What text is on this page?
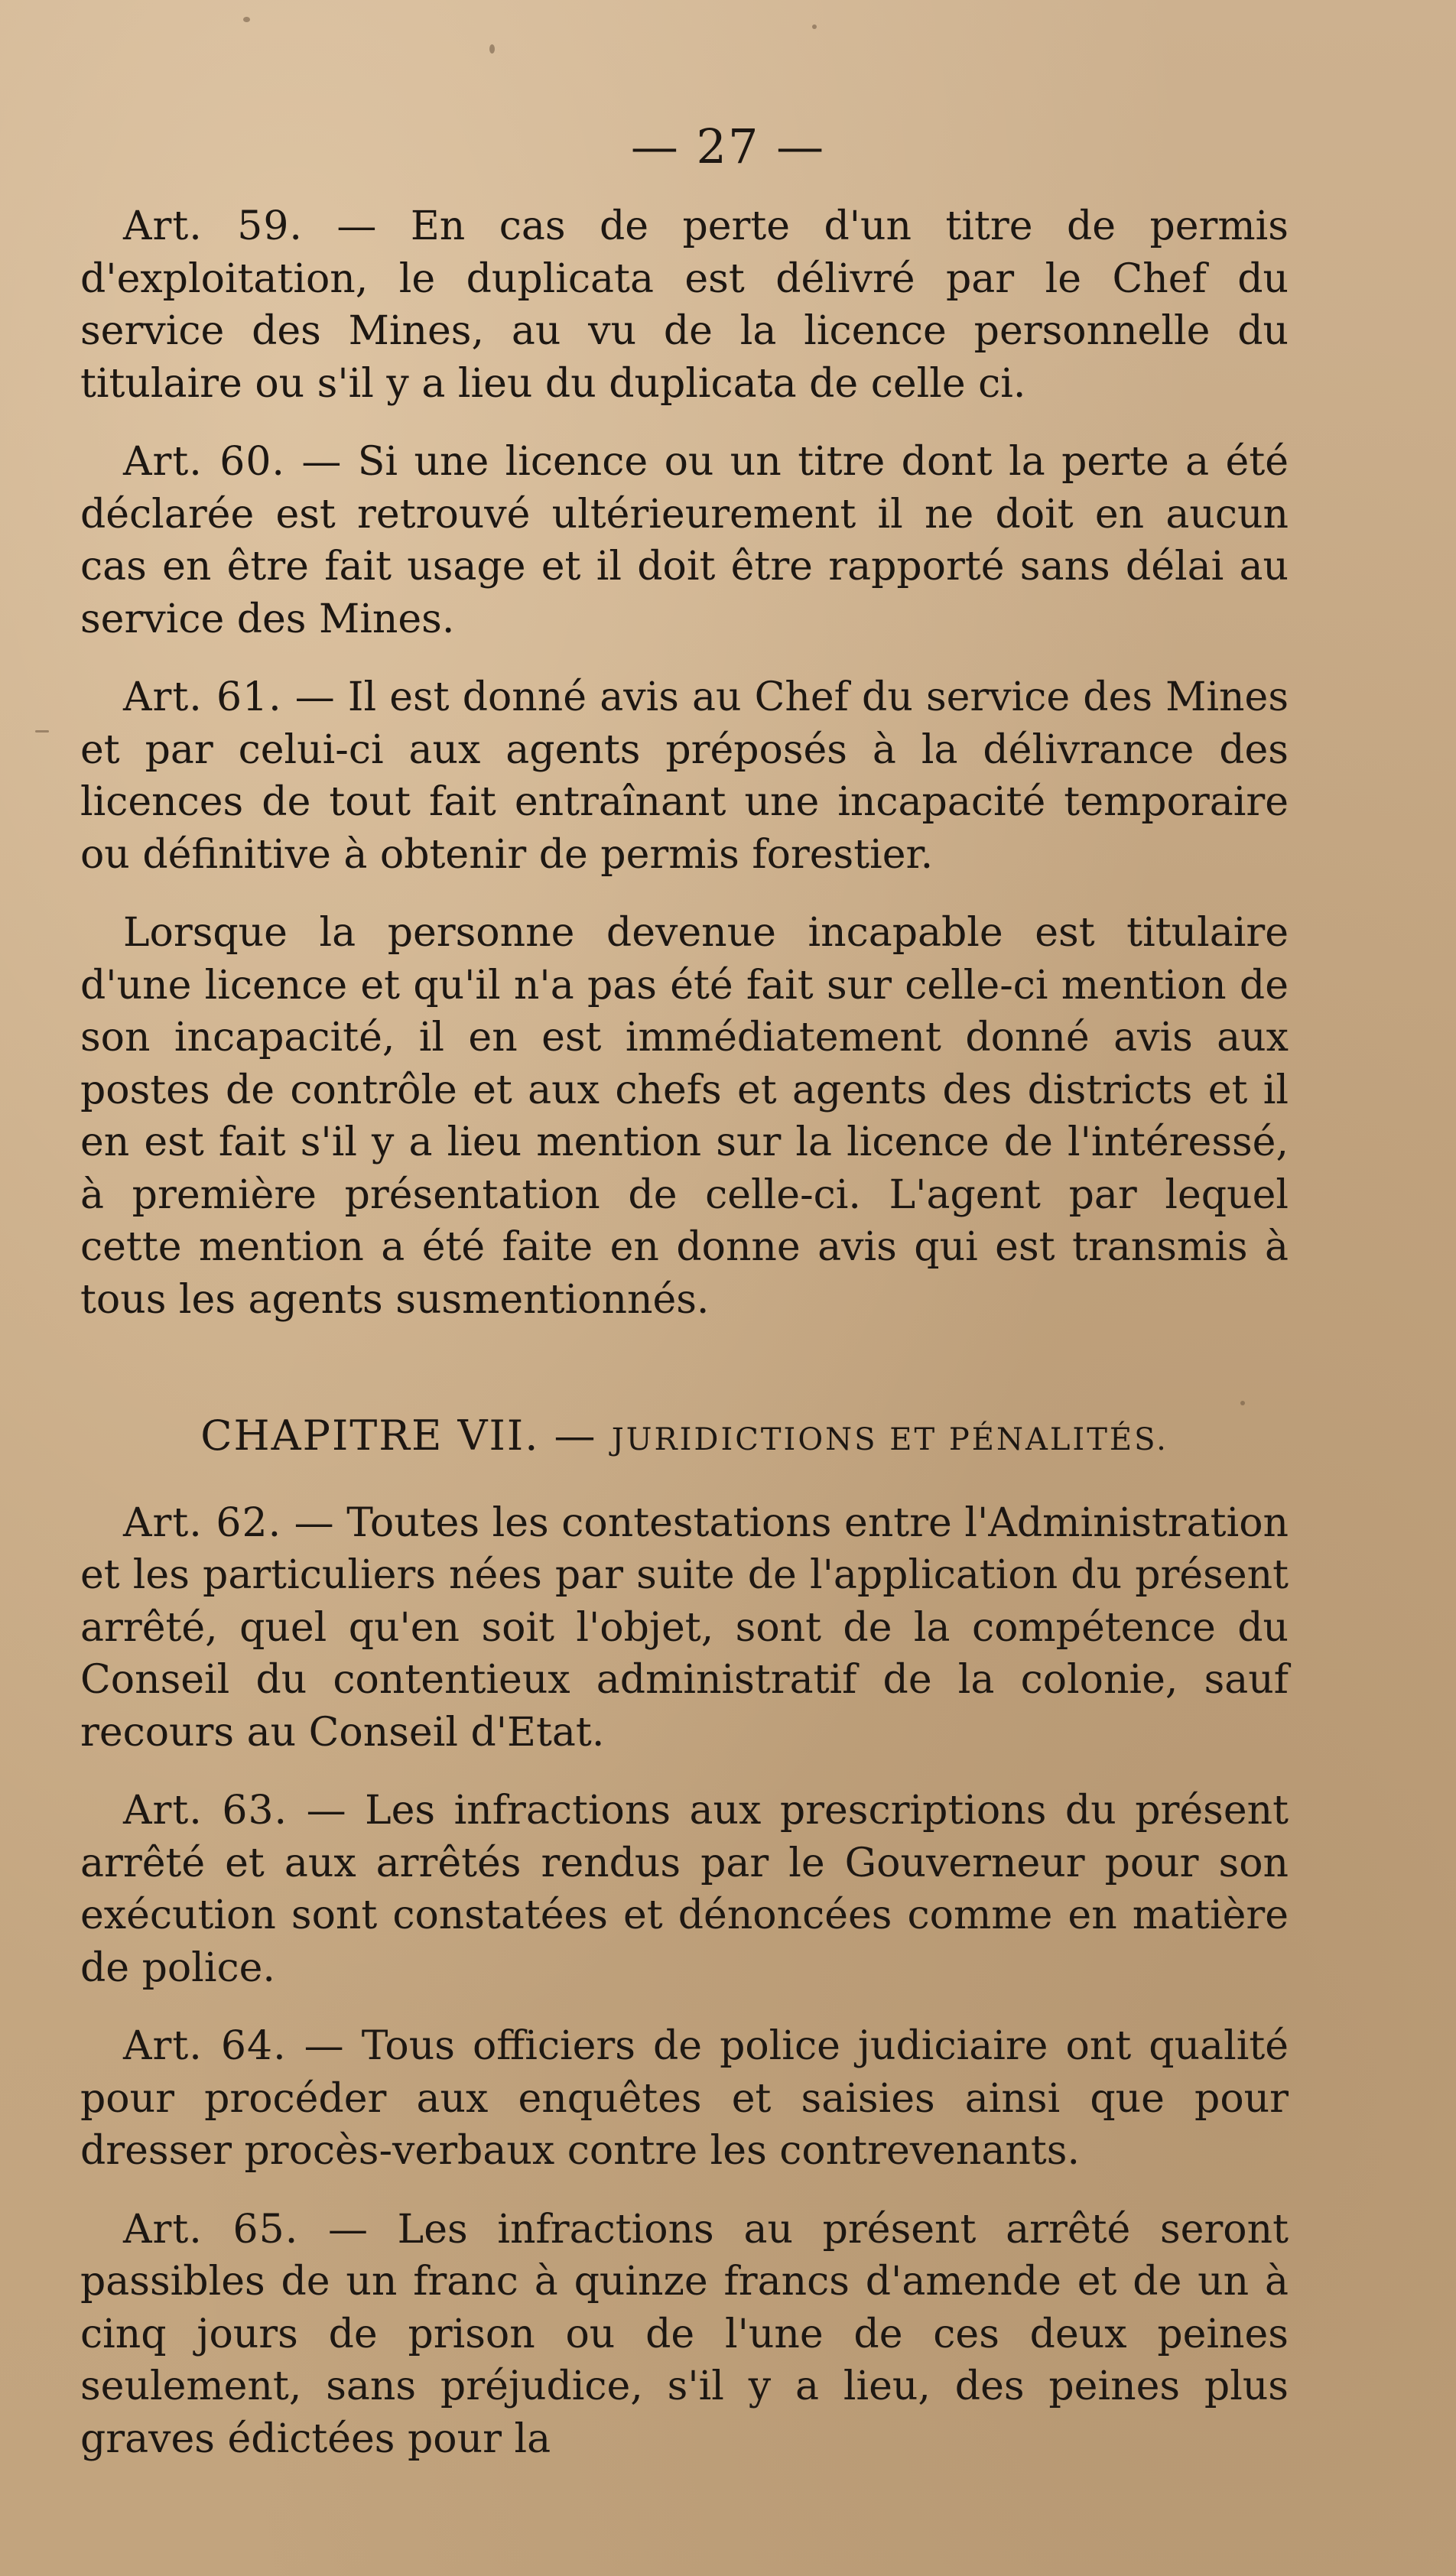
— 27 —

Art. 59. — En cas de perte d'un titre de permis d'exploitation, le duplicata est délivré par le Chef du service des Mines, au vu de la licence personnelle du titulaire ou s'il y a lieu du duplicata de celle ci.

Art. 60. — Si une licence ou un titre dont la perte a été déclarée est retrouvé ultérieurement il ne doit en aucun cas en être fait usage et il doit être rapporté sans délai au service des Mines.

Art. 61. — Il est donné avis au Chef du service des Mines et par celui-ci aux agents préposés à la délivrance des licences de tout fait entraînant une incapacité temporaire ou définitive à obtenir de permis forestier.

Lorsque la personne devenue incapable est titulaire d'une licence et qu'il n'a pas été fait sur celle-ci mention de son incapacité, il en est immédiatement donné avis aux postes de contrôle et aux chefs et agents des districts et il en est fait s'il y a lieu mention sur la licence de l'intéressé, à première présentation de celle-ci. L'agent par lequel cette mention a été faite en donne avis qui est transmis à tous les agents susmentionnés.

CHAPITRE VII. — JURIDICTIONS ET PÉNALITÉS.

Art. 62. — Toutes les contestations entre l'Administration et les particuliers nées par suite de l'application du présent arrêté, quel qu'en soit l'objet, sont de la compétence du Conseil du contentieux administratif de la colonie, sauf recours au Conseil d'Etat.

Art. 63. — Les infractions aux prescriptions du présent arrêté et aux arrêtés rendus par le Gouverneur pour son exécution sont constatées et dénoncées comme en matière de police.

Art. 64. — Tous officiers de police judiciaire ont qualité pour procéder aux enquêtes et saisies ainsi que pour dresser procès-verbaux contre les contrevenants.

Art. 65. — Les infractions au présent arrêté seront passibles de un franc à quinze francs d'amende et de un à cinq jours de prison ou de l'une de ces deux peines seulement, sans préjudice, s'il y a lieu, des peines plus graves édictées pour la
